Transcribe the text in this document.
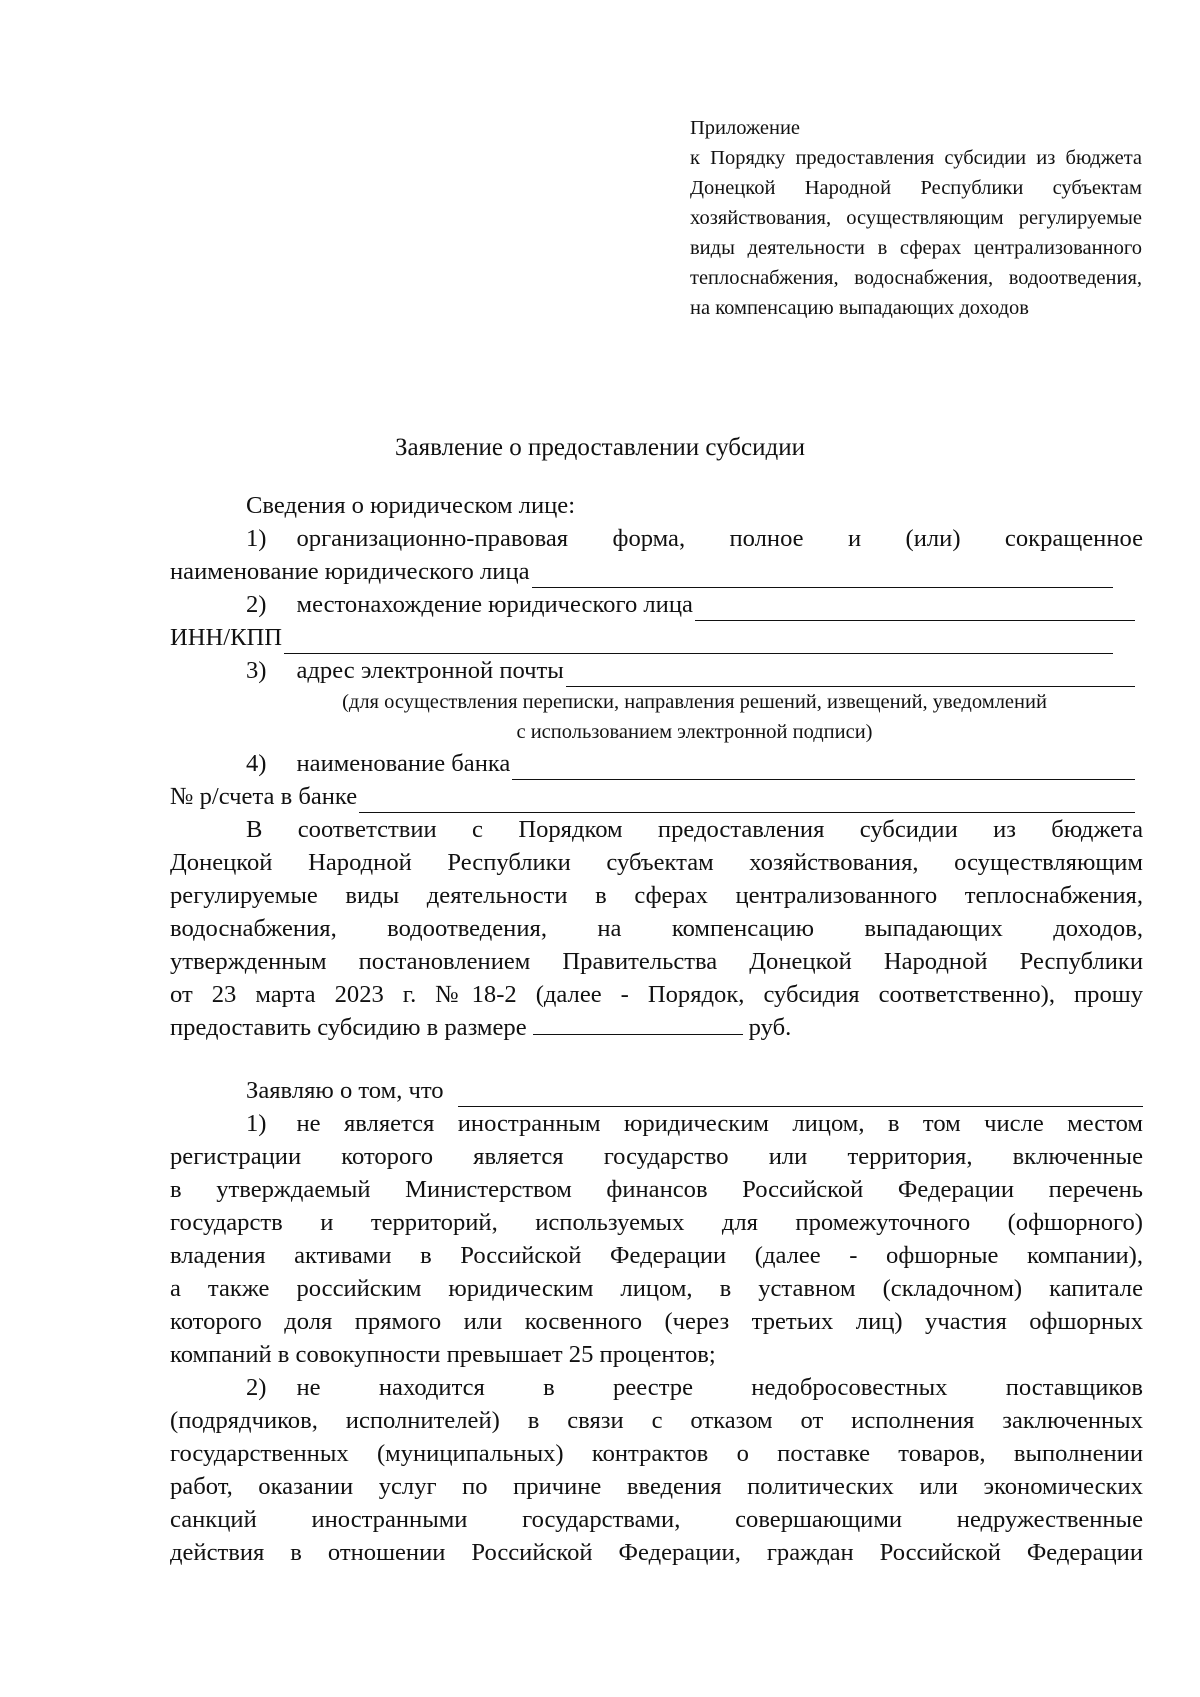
Приложение
к Порядку предоставления субсидии из бюджета Донецкой Народной Республики субъектам хозяйствования, осуществляющим регулируемые виды деятельности в сферах централизованного теплоснабжения, водоснабжения, водоотведения, на компенсацию выпадающих доходов
Заявление о предоставлении субсидии
Сведения о юридическом лице:
1) организационно-правовая форма, полное и (или) сокращенное
наименование юридического лица
2) местонахождение юридического лица
ИНН/КПП
3) адрес электронной почты
(для осуществления переписки, направления решений, извещений, уведомлений
с использованием электронной подписи)
4) наименование банка
№ р/счета в банке
В соответствии с Порядком предоставления субсидии из бюджета
Донецкой Народной Республики субъектам хозяйствования, осуществляющим
регулируемые виды деятельности в сферах централизованного теплоснабжения,
водоснабжения, водоотведения, на компенсацию выпадающих доходов,
утвержденным постановлением Правительства Донецкой Народной Республики
от 23 марта 2023 г. №18-2 (далее - Порядок, субсидия соответственно), прошу
предоставить субсидию в размере	руб.
Заявляю о том, что
1) не является иностранным юридическим лицом, в том числе местом
регистрации которого является государство или территория, включенные
в утверждаемый Министерством финансов Российской Федерации перечень
государств и территорий, используемых для промежуточного (офшорного)
владения активами в Российской Федерации (далее - офшорные компании),
а также российским юридическим лицом, в уставном (складочном) капитале
которого доля прямого или косвенного (через третьих лиц) участия офшорных
компаний в совокупности превышает 25 процентов;
2) не находится в реестре недобросовестных поставщиков
(подрядчиков, исполнителей) в связи с отказом от исполнения заключенных
государственных (муниципальных) контрактов о поставке товаров, выполнении
работ, оказании услуг по причине введения политических или экономических
санкций иностранными государствами, совершающими недружественные
действия в отношении Российской Федерации, граждан Российской Федерации
